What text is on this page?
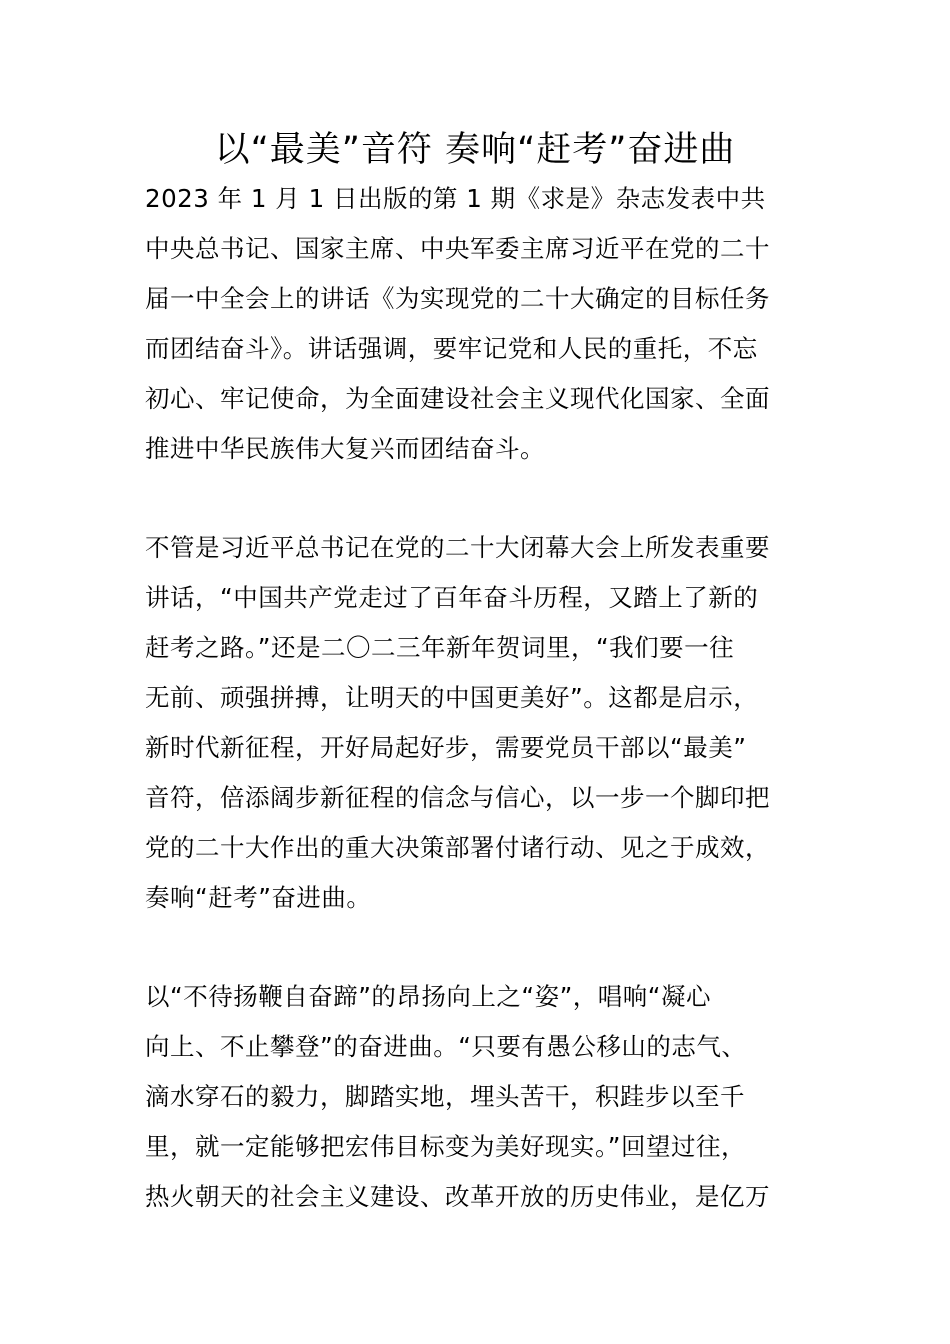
以“最美”音符 奏响“赶考”奋进曲
2023 年 1 月 1 日出版的第 1 期《求是》杂志发表中共
中央总书记、国家主席、中央军委主席习近平在党的二十
届一中全会上的讲话《为实现党的二十大确定的目标任务
而团结奋斗》。讲话强调，要牢记党和人民的重托，不忘
初心、牢记使命，为全面建设社会主义现代化国家、全面
推进中华民族伟大复兴而团结奋斗。
不管是习近平总书记在党的二十大闭幕大会上所发表重要
讲话，“中国共产党走过了百年奋斗历程，又踏上了新的
赶考之路。”还是二〇二三年新年贺词里，“我们要一往
无前、顽强拼搏，让明天的中国更美好”。这都是启示，
新时代新征程，开好局起好步，需要党员干部以“最美”
音符，倍添阔步新征程的信念与信心，以一步一个脚印把
党的二十大作出的重大决策部署付诸行动、见之于成效，
奏响“赶考”奋进曲。
以“不待扬鞭自奋蹄”的昂扬向上之“姿”，唱响“凝心
向上、不止攀登”的奋进曲。“只要有愚公移山的志气、
滴水穿石的毅力，脚踏实地，埋头苦干，积跬步以至千
里，就一定能够把宏伟目标变为美好现实。”回望过往，
热火朝天的社会主义建设、改革开放的历史伟业，是亿万
